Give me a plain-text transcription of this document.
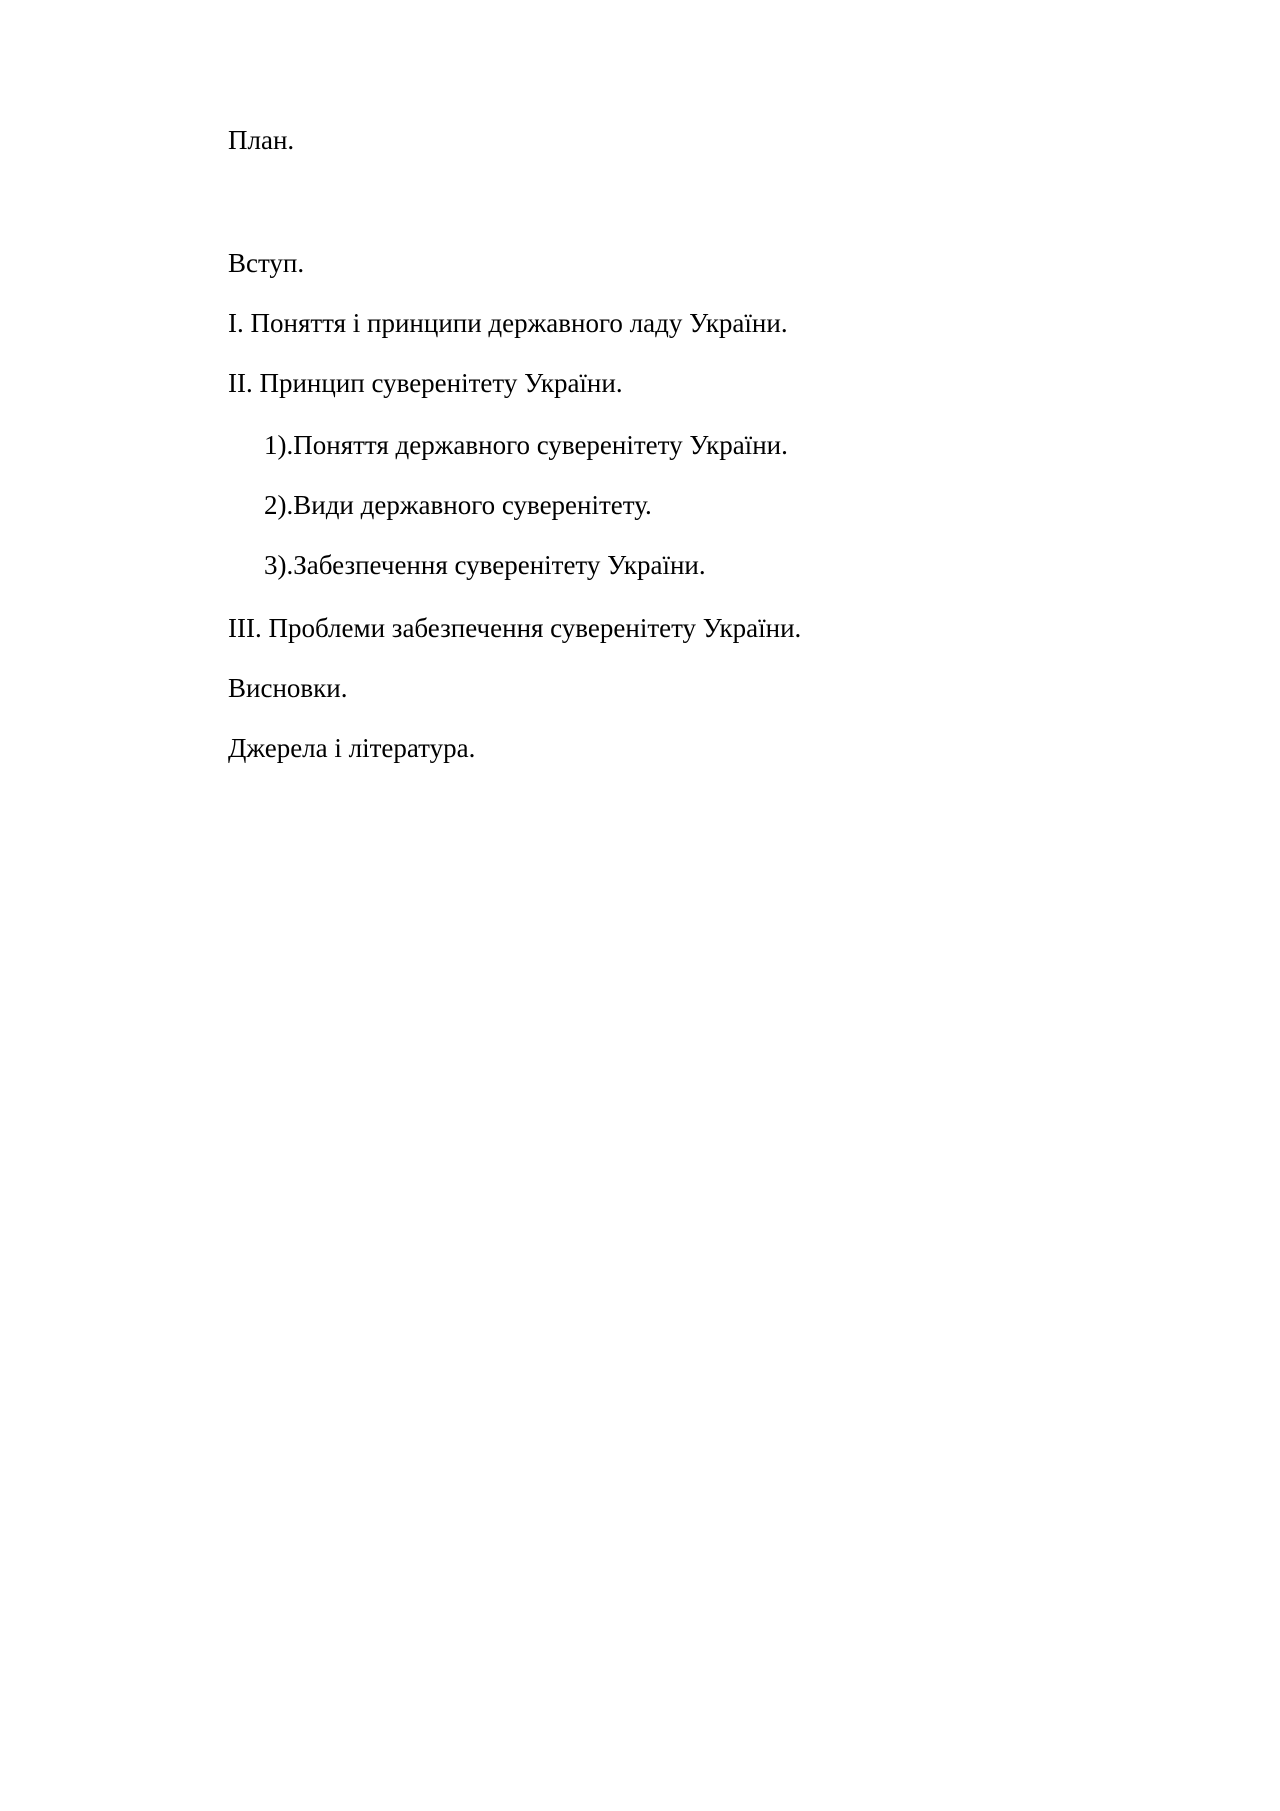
План.
Вступ.
I. Поняття і принципи державного ладу України.
II. Принцип суверенітету України.
1).Поняття державного суверенітету України.
2).Види державного суверенітету.
3).Забезпечення суверенітету України.
III. Проблеми забезпечення суверенітету України.
Висновки.
Джерела і література.
